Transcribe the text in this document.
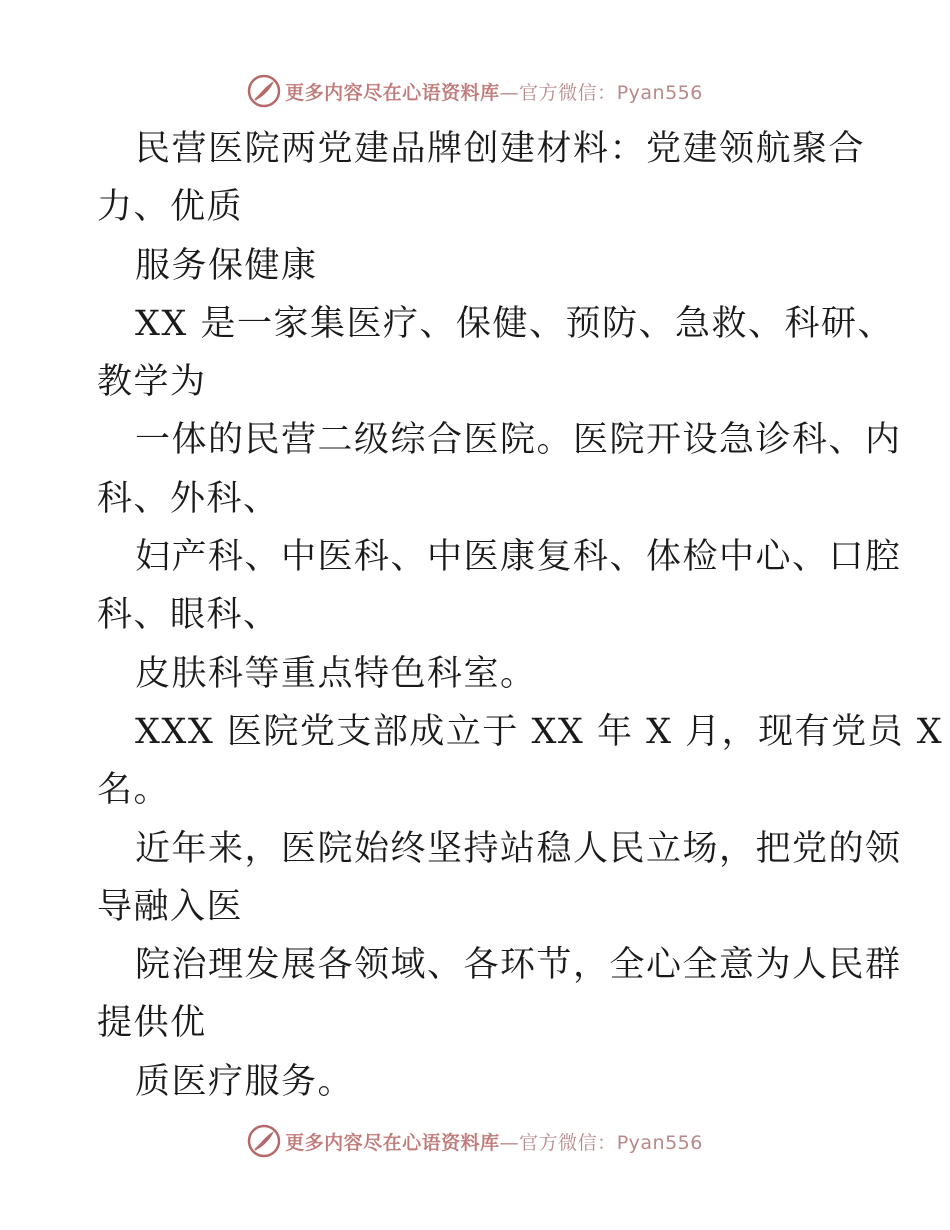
更多内容尽在心语资料库—官方微信：Pyan556
民营医院两党建品牌创建材料：党建领航聚合
力、优质
服务保健康
XX 是一家集医疗、保健、预防、急救、科研、
教学为
一体的民营二级综合医院。医院开设急诊科、内
科、外科、
妇产科、中医科、中医康复科、体检中心、口腔
科、眼科、
皮肤科等重点特色科室。
XXX 医院党支部成立于 XX 年 X 月，现有党员 X
名。
近年来，医院始终坚持站稳人民立场，把党的领
导融入医
院治理发展各领域、各环节，全心全意为人民群
提供优
质医疗服务。
更多内容尽在心语资料库—官方微信：Pyan556
